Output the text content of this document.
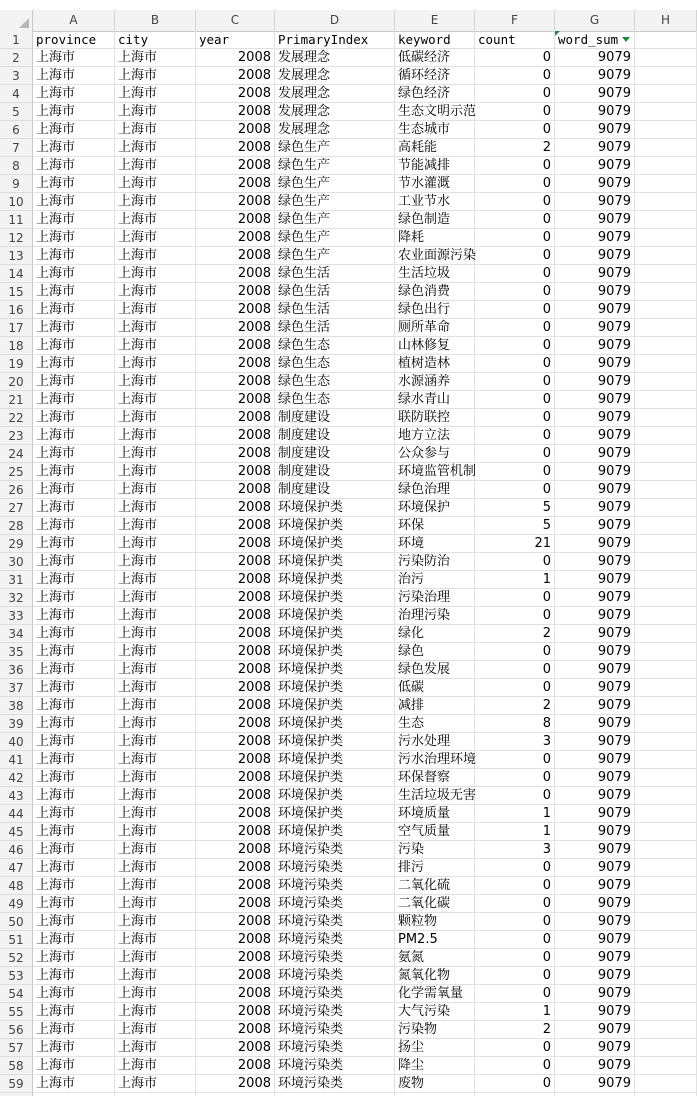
A	B	C	D	E	F	G	H
1	province	city	year	PrimaryIndex	keyword	count	word_sum
2	上海市	上海市	2008 发展理念	低碳经济	0	9079
3	上海市	上海市	2008 发展理念	循环经济	0	9079
4	上海市	上海市	2008 发展理念	绿色经济	0	9079
5	上海市	上海市	2008 发展理念	生态文明示范	0	9079
6	上海市	上海市	2008 发展理念	生态城市	0	9079
7	上海市	上海市	2008 绿色生产	高耗能	2	9079
8	上海市	上海市	2008 绿色生产	节能减排	0	9079
9	上海市	上海市	2008 绿色生产	节水灌溉	0	9079
10 上海市	上海市	2008 绿色生产	工业节水	0	9079
11 上海市	上海市	2008 绿色生产	绿色制造	0	9079
12 上海市	上海市	2008 绿色生产	降耗	0	9079
13 上海市	上海市	2008 绿色生产	农业面源污染	0	9079
14 上海市	上海市	2008 绿色生活	生活垃圾	0	9079
15 上海市	上海市	2008 绿色生活	绿色消费	0	9079
16 上海市	上海市	2008 绿色生活	绿色出行	0	9079
17 上海市	上海市	2008 绿色生活	厕所革命	0	9079
18 上海市	上海市	2008 绿色生态	山林修复	0	9079
19 上海市	上海市	2008 绿色生态	植树造林	0	9079
20 上海市	上海市	2008 绿色生态	水源涵养	0	9079
21 上海市	上海市	2008 绿色生态	绿水青山	0	9079
22 上海市	上海市	2008 制度建设	联防联控	0	9079
23 上海市	上海市	2008 制度建设	地方立法	0	9079
24 上海市	上海市	2008 制度建设	公众参与	0	9079
25 上海市	上海市	2008 制度建设	环境监管机制	0	9079
26 上海市	上海市	2008 制度建设	绿色治理	0	9079
27 上海市	上海市	2008 环境保护类	环境保护	5	9079
28 上海市	上海市	2008 环境保护类	环保	5	9079
29 上海市	上海市	2008 环境保护类	环境	21	9079
30 上海市	上海市	2008 环境保护类	污染防治	0	9079
31 上海市	上海市	2008 环境保护类	治污	1	9079
32 上海市	上海市	2008 环境保护类	污染治理	0	9079
33 上海市	上海市	2008 环境保护类	治理污染	0	9079
34 上海市	上海市	2008 环境保护类	绿化	2	9079
35 上海市	上海市	2008 环境保护类	绿色	0	9079
36 上海市	上海市	2008 环境保护类	绿色发展	0	9079
37 上海市	上海市	2008 环境保护类	低碳	0	9079
38 上海市	上海市	2008 环境保护类	减排	2	9079
39 上海市	上海市	2008 环境保护类	生态	8	9079
40 上海市	上海市	2008 环境保护类	污水处理	3	9079
41 上海市	上海市	2008 环境保护类	污水治理环境	0	9079
42 上海市	上海市	2008 环境保护类	环保督察	0	9079
43 上海市	上海市	2008 环境保护类	生活垃圾无害	0	9079
44 上海市	上海市	2008 环境保护类	环境质量	1	9079
45 上海市	上海市	2008 环境保护类	空气质量	1	9079
46 上海市	上海市	2008 环境污染类	污染	3	9079
47 上海市	上海市	2008 环境污染类	排污	0	9079
48 上海市	上海市	2008 环境污染类	二氧化硫	0	9079
49 上海市	上海市	2008 环境污染类	二氧化碳	0	9079
50 上海市	上海市	2008 环境污染类	颗粒物	0	9079
51 上海市	上海市	2008 环境污染类	PM2.5	0	9079
52 上海市	上海市	2008 环境污染类	氨氮	0	9079
53 上海市	上海市	2008 环境污染类	氮氧化物	0	9079
54 上海市	上海市	2008 环境污染类	化学需氧量	0	9079
55 上海市	上海市	2008 环境污染类	大气污染	1	9079
56 上海市	上海市	2008 环境污染类	污染物	2	9079
57 上海市	上海市	2008 环境污染类	扬尘	0	9079
58 上海市	上海市	2008 环境污染类	降尘	0	9079
59 上海市	上海市	2008 环境污染类	废物	0	9079
